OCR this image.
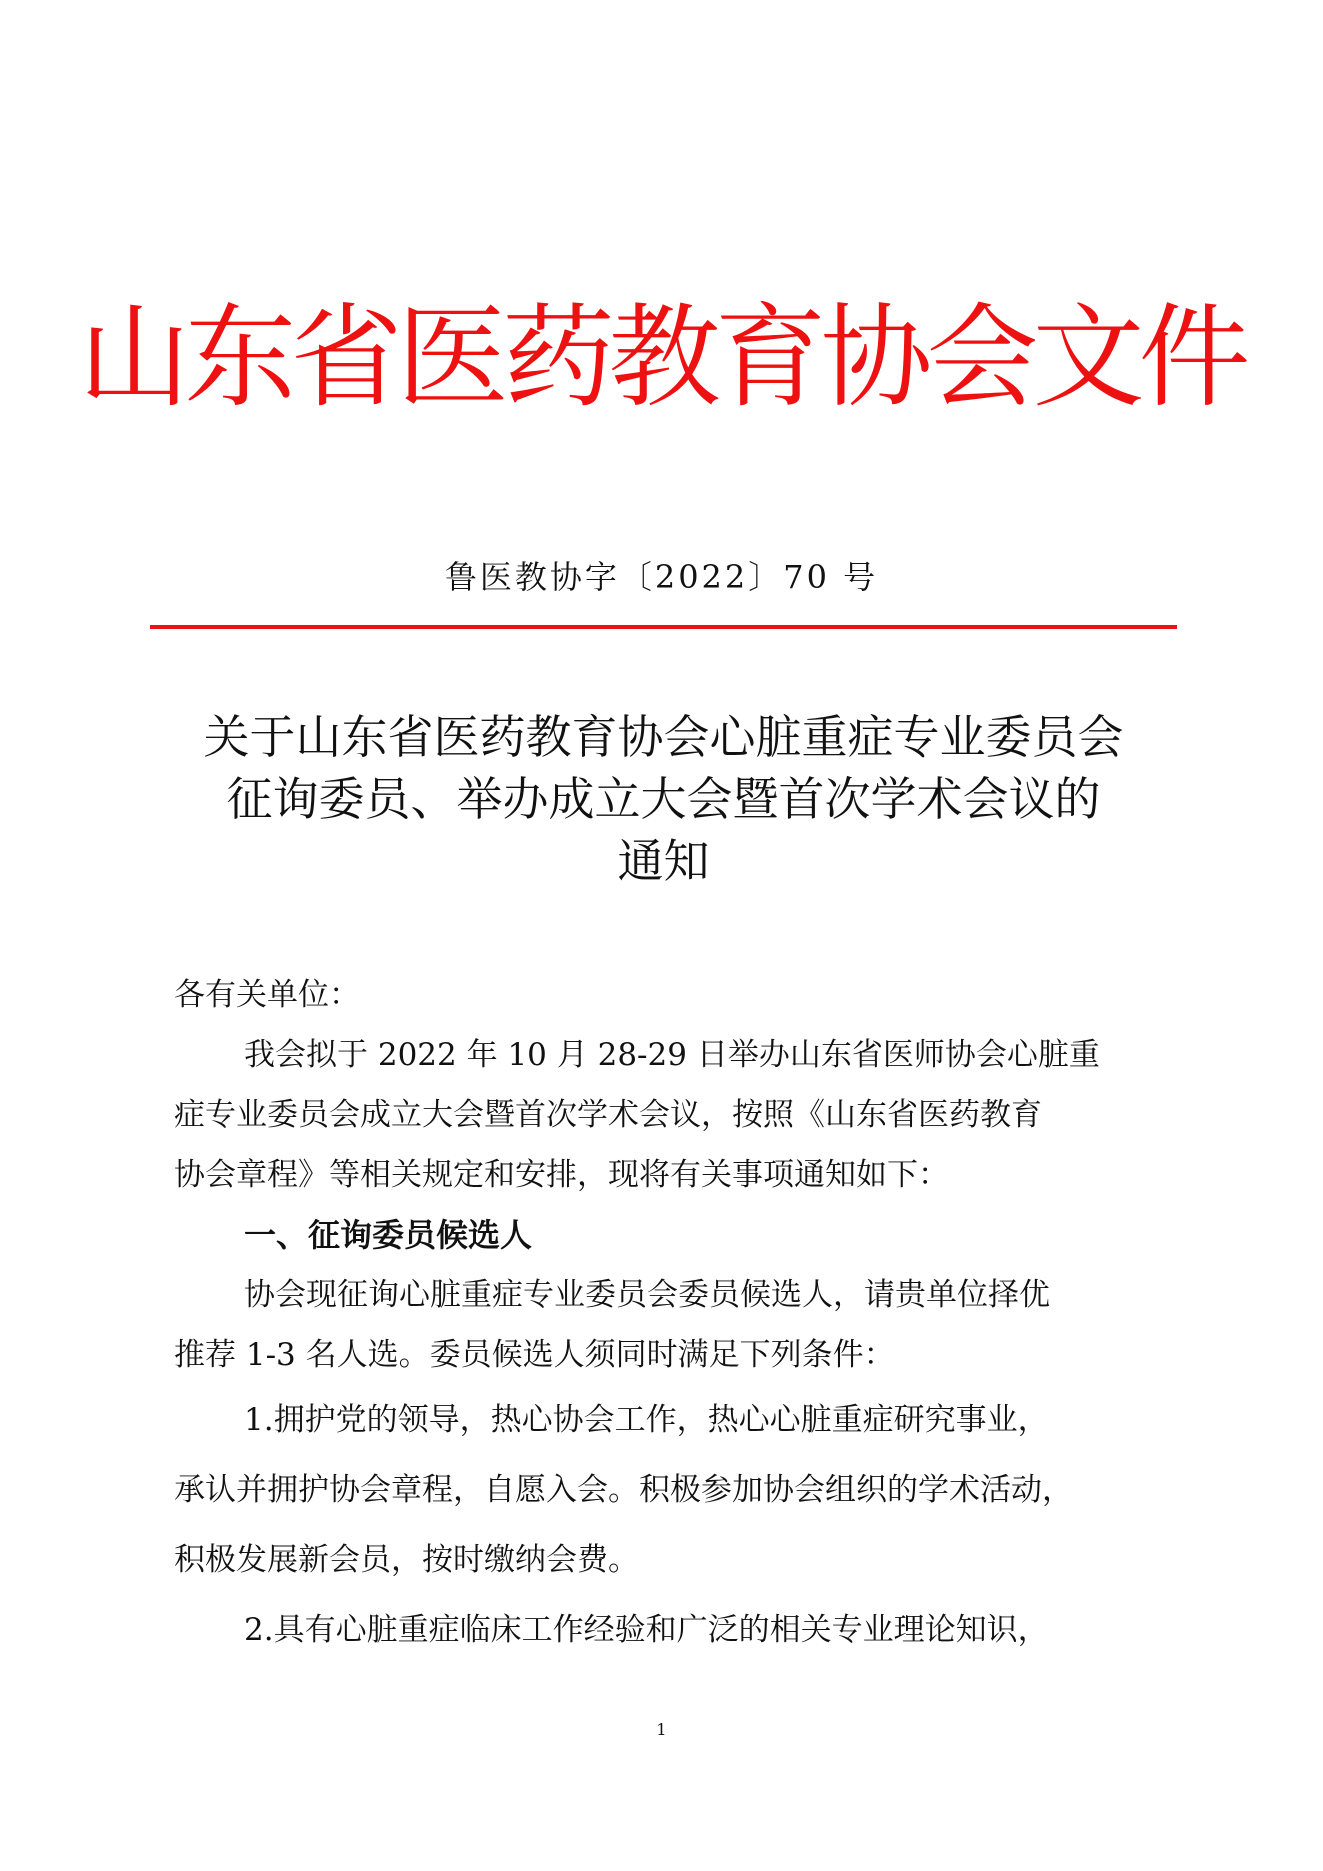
山东省医药教育协会文件
鲁医教协字〔2022〕70 号
关于山东省医药教育协会心脏重症专业委员会
征询委员、举办成立大会暨首次学术会议的
通知
各有关单位：
我会拟于 2022 年 10 月 28-29 日举办山东省医师协会心脏重
症专业委员会成立大会暨首次学术会议，按照《山东省医药教育
协会章程》等相关规定和安排，现将有关事项通知如下：
一、征询委员候选人
协会现征询心脏重症专业委员会委员候选人，请贵单位择优
推荐 1-3 名人选。委员候选人须同时满足下列条件：
1.拥护党的领导，热心协会工作，热心心脏重症研究事业，
承认并拥护协会章程，自愿入会。积极参加协会组织的学术活动，
积极发展新会员，按时缴纳会费。
2.具有心脏重症临床工作经验和广泛的相关专业理论知识，
1
